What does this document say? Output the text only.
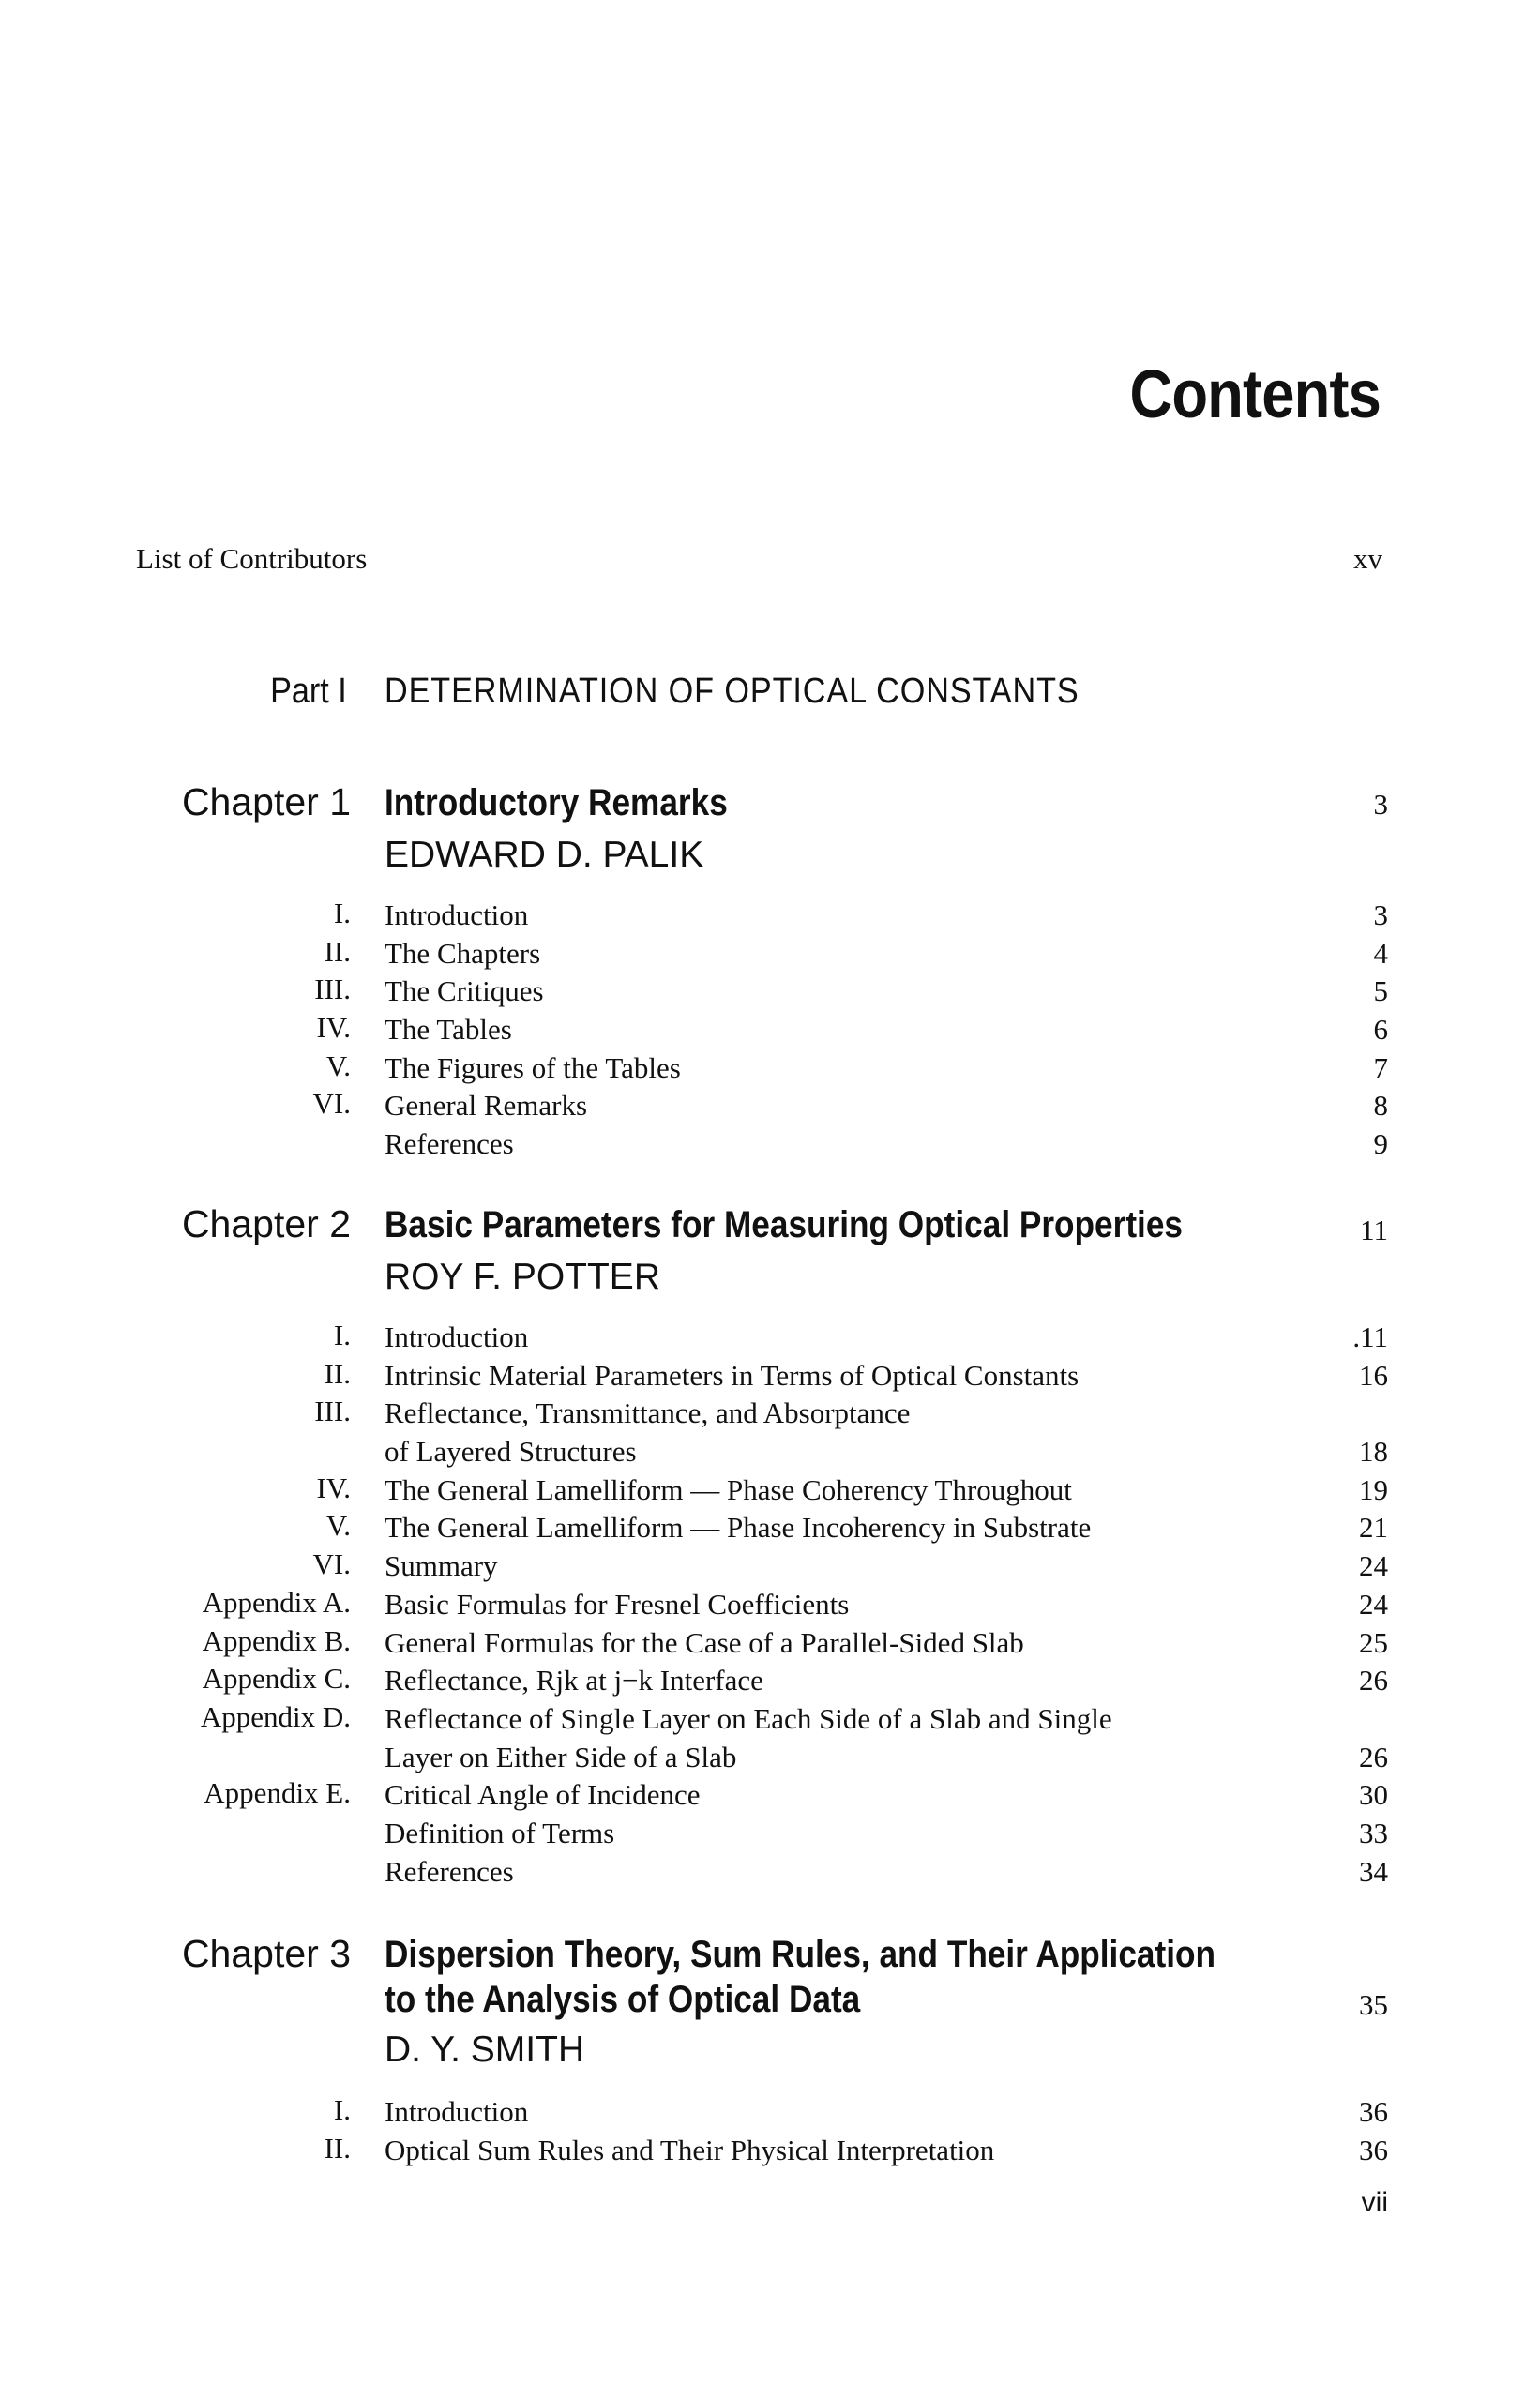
Contents
List of Contributors	xv
Part I DETERMINATION OF OPTICAL CONSTANTS
Chapter 1 Introductory Remarks	3
EDWARD D. PALIK
I. Introduction	3
II. The Chapters	4
III. The Critiques	5
IV. The Tables	6
V. The Figures of the Tables	7
VI. General Remarks	8
References	9
Chapter 2 Basic Parameters for Measuring Optical Properties	11
ROY F. POTTER
I. Introduction	.11
II. Intrinsic Material Parameters in Terms of Optical Constants	16
III. Reflectance, Transmittance, and Absorptance
of Layered Structures	18
IV. The General Lamelliform — Phase Coherency Throughout	19
V. The General Lamelliform — Phase Incoherency in Substrate	21
VI. Summary	24
Appendix A. Basic Formulas for Fresnel Coefficients	24
Appendix B. General Formulas for the Case of a Parallel-Sided Slab	25
Appendix C. Reflectance, Rjk at j−k Interface	26
Appendix D. Reflectance of Single Layer on Each Side of a Slab and Single
Layer on Either Side of a Slab	26
Appendix E. Critical Angle of Incidence	30
Definition of Terms	33
References	34
Chapter 3 Dispersion Theory, Sum Rules, and Their Application
to the Analysis of Optical Data	35
D. Y. SMITH
I. Introduction	36
II. Optical Sum Rules and Their Physical Interpretation	36
vii
